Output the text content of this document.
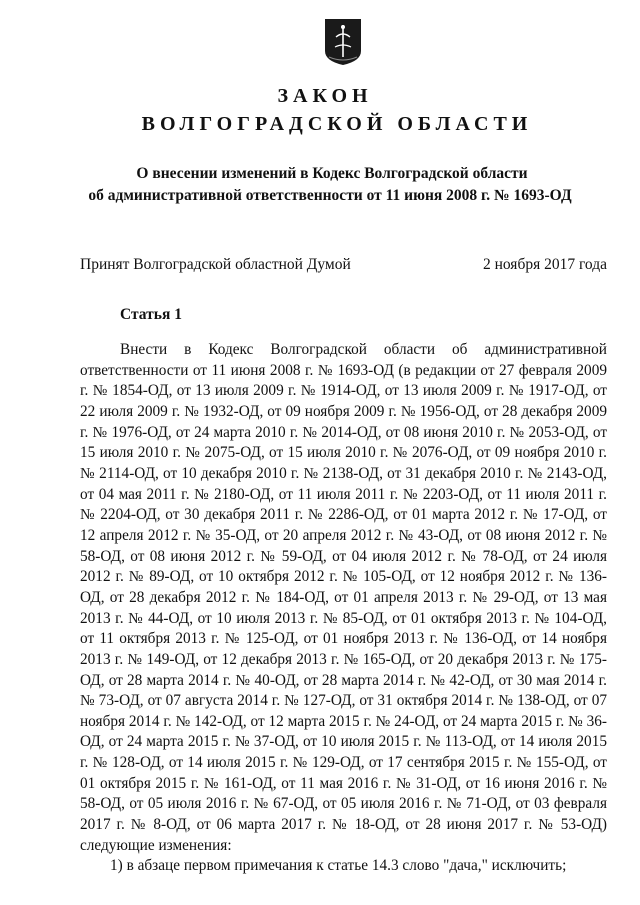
ЗАКОН
ВОЛГОГРАДСКОЙ ОБЛАСТИ

О внесении изменений в Кодекс Волгоградской области

об административной ответственности от 11 июня 2008 г. № 1693-ОД

Принят Волгоградской областной Думой	2 ноября 2017 года
Статья 1

Внести в Кодекс Волгоградской области об административной ответственности от 11 июня 2008 г. № 1693-ОД (в редакции от 27 февраля 2009 г. № 1854-ОД, от 13 июля 2009 г. № 1914-ОД, от 13 июля 2009 г. № 1917-ОД, от 22 июля 2009 г. № 1932-ОД, от 09 ноября 2009 г. № 1956-ОД, от 28 декабря 2009 г. № 1976-ОД, от 24 марта 2010 г. № 2014-ОД, от 08 июня 2010 г. № 2053-ОД, от 15 июля 2010 г. № 2075-ОД, от 15 июля 2010 г. № 2076-ОД, от 09 ноября 2010 г. № 2114-ОД, от 10 декабря 2010 г. № 2138-ОД, от 31 декабря 2010 г. № 2143-ОД, от 04 мая 2011 г. № 2180-ОД, от 11 июля 2011 г. № 2203-ОД, от 11 июля 2011 г. № 2204-ОД, от 30 декабря 2011 г. № 2286-ОД, от 01 марта 2012 г. № 17-ОД, от 12 апреля 2012 г. № 35-ОД, от 20 апреля 2012 г. № 43-ОД, от 08 июня 2012 г. № 58-ОД, от 08 июня 2012 г. № 59-ОД, от 04 июля 2012 г. № 78-ОД, от 24 июля 2012 г. № 89-ОД, от 10 октября 2012 г. № 105-ОД, от 12 ноября 2012 г. № 136-ОД, от 28 декабря 2012 г. № 184-ОД, от 01 апреля 2013 г. № 29-ОД, от 13 мая 2013 г. № 44-ОД, от 10 июля 2013 г. № 85-ОД, от 01 октября 2013 г. № 104-ОД, от 11 октября 2013 г. № 125-ОД, от 01 ноября 2013 г. № 136-ОД, от 14 ноября 2013 г. № 149-ОД, от 12 декабря 2013 г. № 165-ОД, от 20 декабря 2013 г. № 175-ОД, от 28 марта 2014 г. № 40-ОД, от 28 марта 2014 г. № 42-ОД, от 30 мая 2014 г. № 73-ОД, от 07 августа 2014 г. № 127-ОД, от 31 октября 2014 г. № 138-ОД, от 07 ноября 2014 г. № 142-ОД, от 12 марта 2015 г. № 24-ОД, от 24 марта 2015 г. № 36-ОД, от 24 марта 2015 г. № 37-ОД, от 10 июля 2015 г. № 113-ОД, от 14 июля 2015 г. № 128-ОД, от 14 июля 2015 г. № 129-ОД, от 17 сентября 2015 г. № 155-ОД, от 01 октября 2015 г. № 161-ОД, от 11 мая 2016 г. № 31-ОД, от 16 июня 2016 г. № 58-ОД, от 05 июля 2016 г. № 67-ОД, от 05 июля 2016 г. № 71-ОД, от 03 февраля 2017 г. № 8-ОД, от 06 марта 2017 г. № 18-ОД, от 28 июня 2017 г. № 53-ОД) следующие изменения:

1) в абзаце первом примечания к статье 14.3 слово "дача," исключить;
